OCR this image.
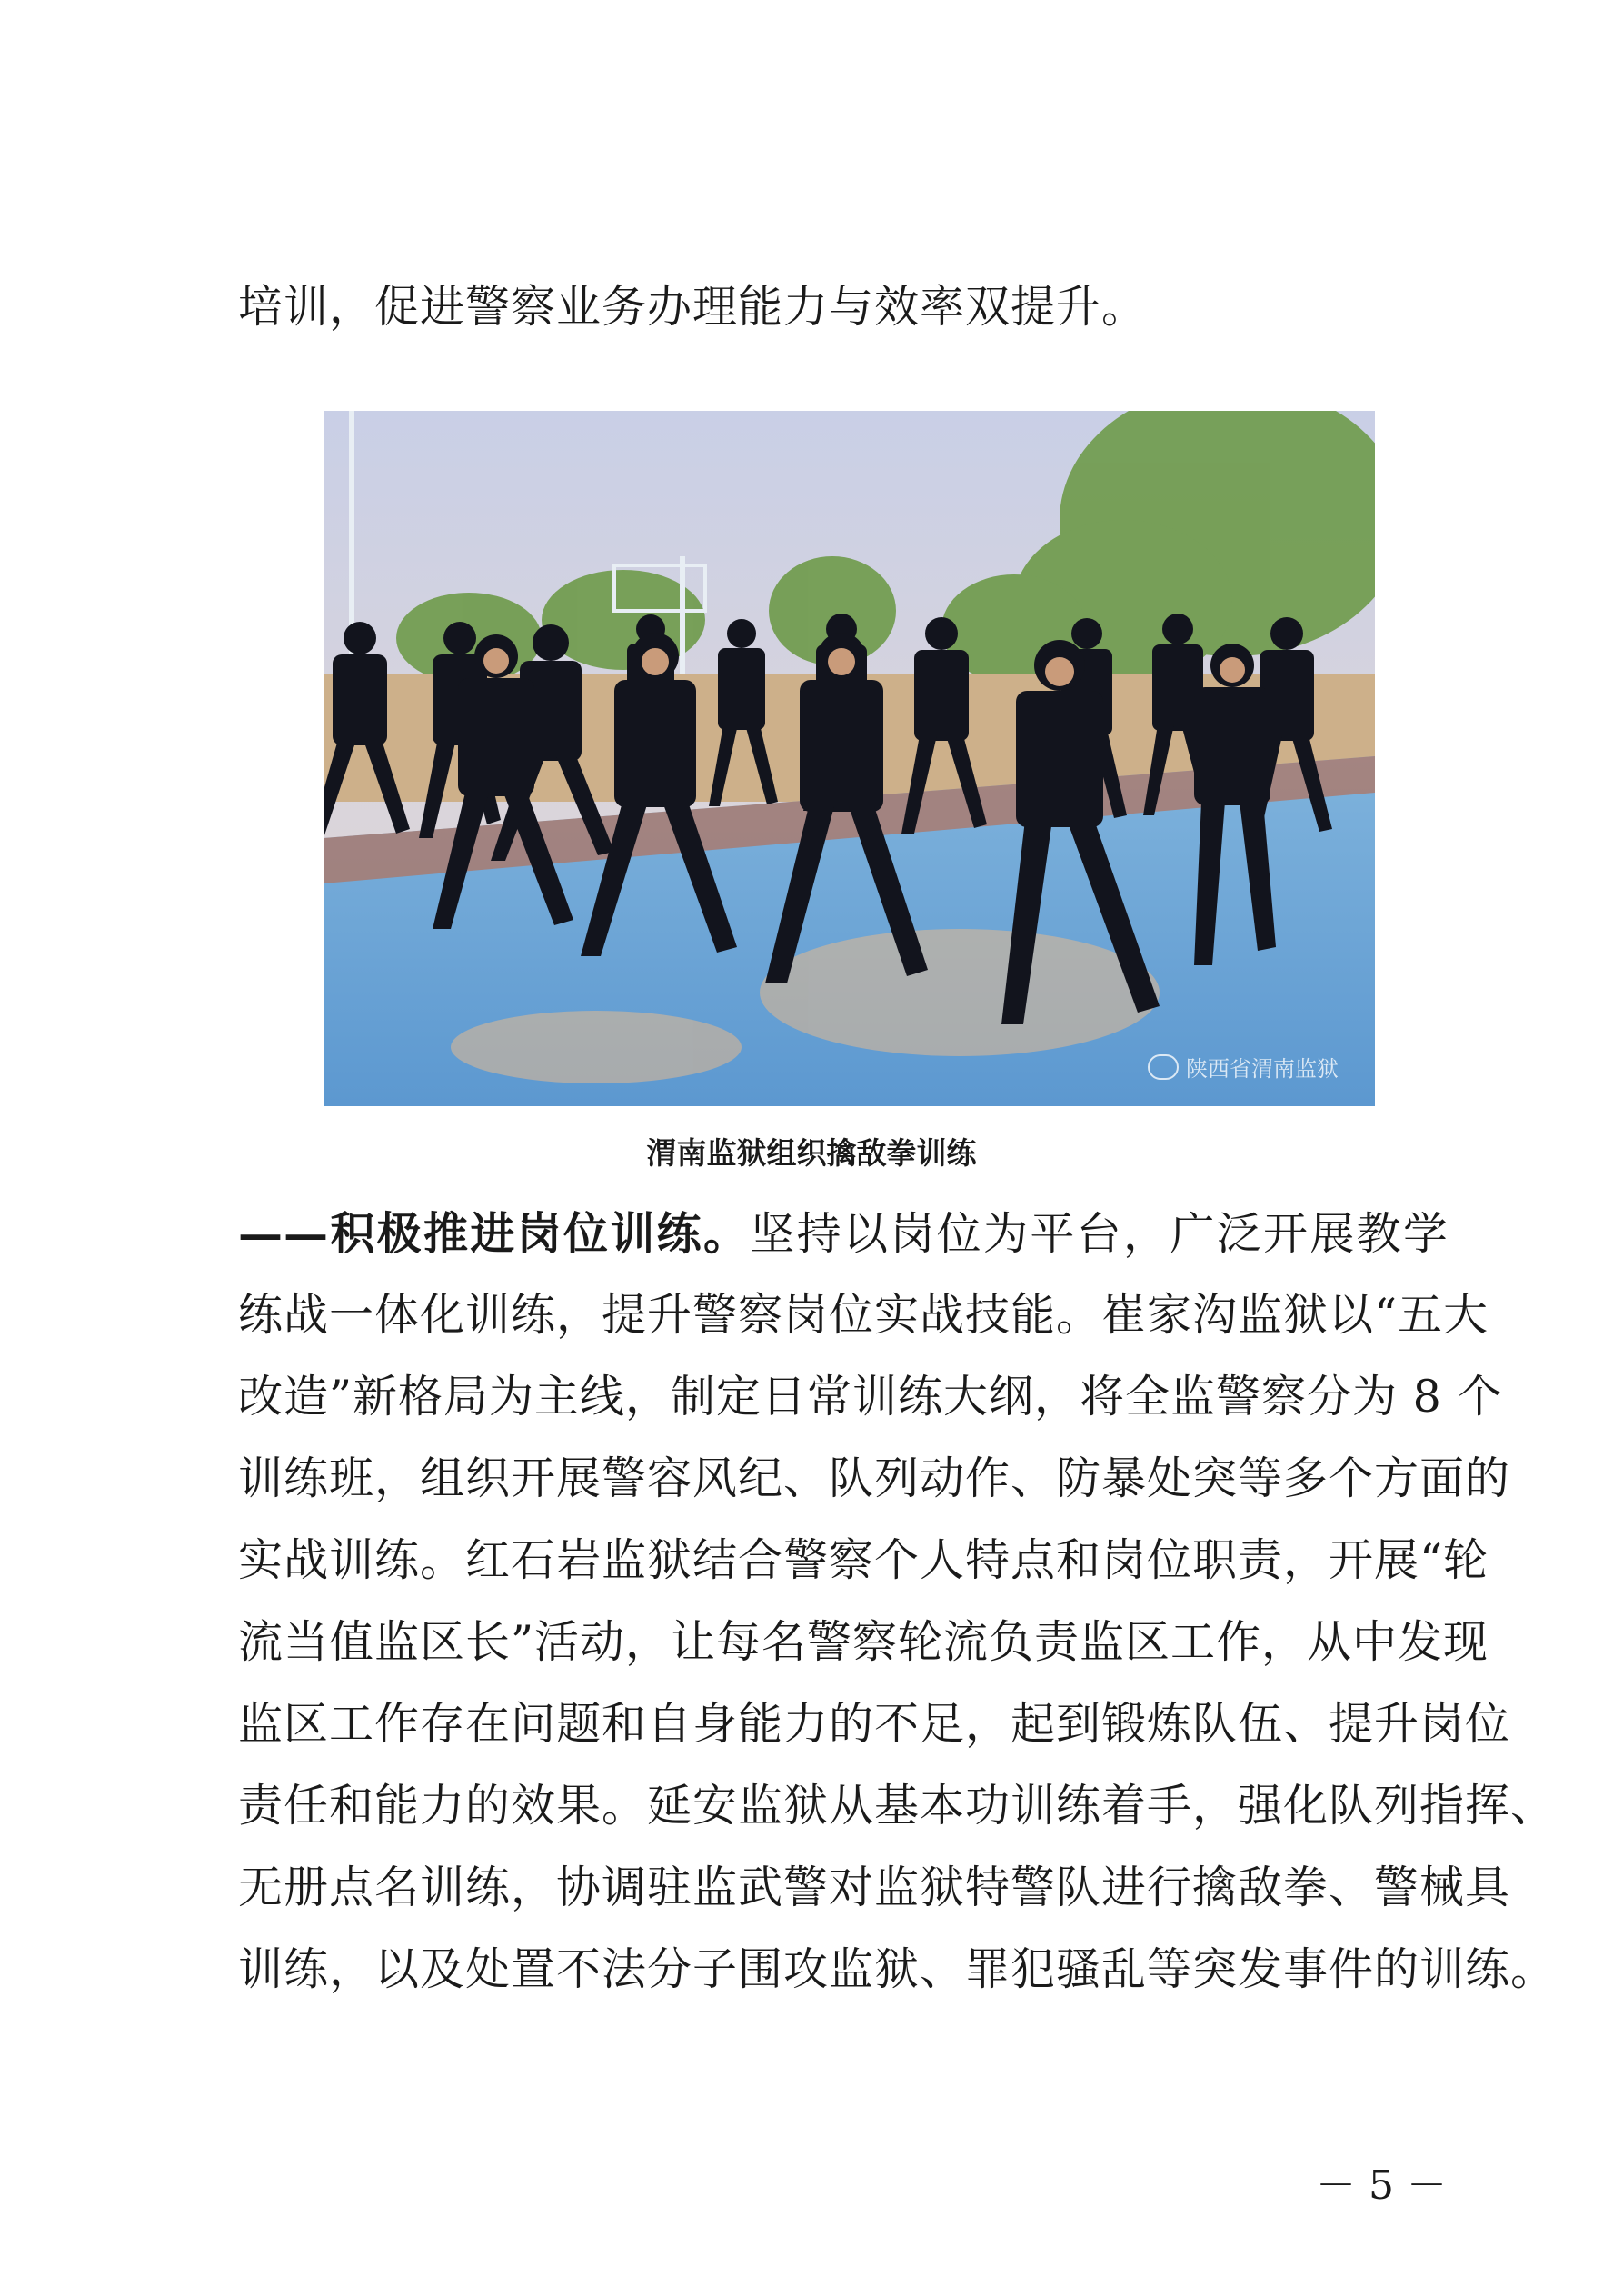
培训，促进警察业务办理能力与效率双提升。
陕西省渭南监狱
渭南监狱组织擒敌拳训练
——积极推进岗位训练。坚持以岗位为平台，广泛开展教学
练战一体化训练，提升警察岗位实战技能。崔家沟监狱以“五大
改造”新格局为主线，制定日常训练大纲，将全监警察分为 8 个
训练班，组织开展警容风纪、队列动作、防暴处突等多个方面的
实战训练。红石岩监狱结合警察个人特点和岗位职责，开展“轮
流当值监区长”活动，让每名警察轮流负责监区工作，从中发现
监区工作存在问题和自身能力的不足，起到锻炼队伍、提升岗位
责任和能力的效果。延安监狱从基本功训练着手，强化队列指挥、
无册点名训练，协调驻监武警对监狱特警队进行擒敌拳、警械具
训练，以及处置不法分子围攻监狱、罪犯骚乱等突发事件的训练。
－ 5 －
